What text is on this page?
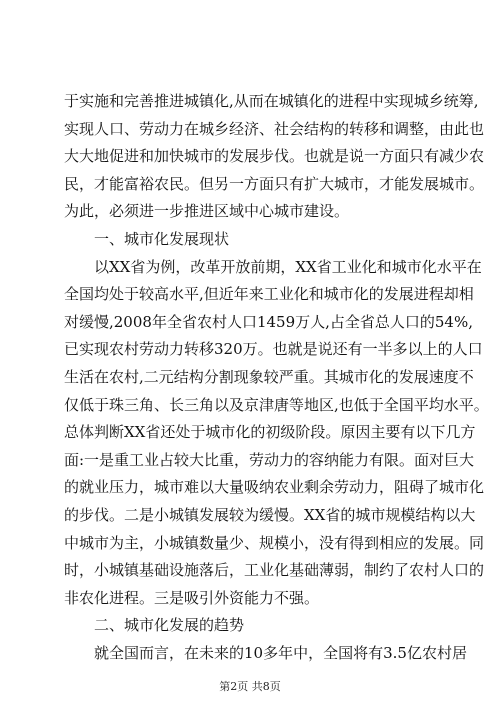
于实施和完善推进城镇化,从而在城镇化的进程中实现城乡统筹,
实现人口、劳动力在城乡经济、社会结构的转移和调整，由此也
大大地促进和加快城市的发展步伐。也就是说一方面只有减少农
民，才能富裕农民。但另一方面只有扩大城市，才能发展城市。
为此，必须进一步推进区域中心城市建设。
一、城市化发展现状
以XX省为例，改革开放前期，XX省工业化和城市化水平在
全国均处于较高水平,但近年来工业化和城市化的发展进程却相
对缓慢,2008年全省农村人口1459万人,占全省总人口的54%,
已实现农村劳动力转移320万。也就是说还有一半多以上的人口
生活在农村,二元结构分割现象较严重。其城市化的发展速度不
仅低于珠三角、长三角以及京津唐等地区,也低于全国平均水平。
总体判断XX省还处于城市化的初级阶段。原因主要有以下几方
面:一是重工业占较大比重，劳动力的容纳能力有限。面对巨大
的就业压力，城市难以大量吸纳农业剩余劳动力，阻碍了城市化
的步伐。二是小城镇发展较为缓慢。XX省的城市规模结构以大
中城市为主，小城镇数量少、规模小，没有得到相应的发展。同
时，小城镇基础设施落后，工业化基础薄弱，制约了农村人口的
非农化进程。三是吸引外资能力不强。
二、城市化发展的趋势
就全国而言，在未来的10多年中，全国将有3.5亿农村居
第2页 共8页
